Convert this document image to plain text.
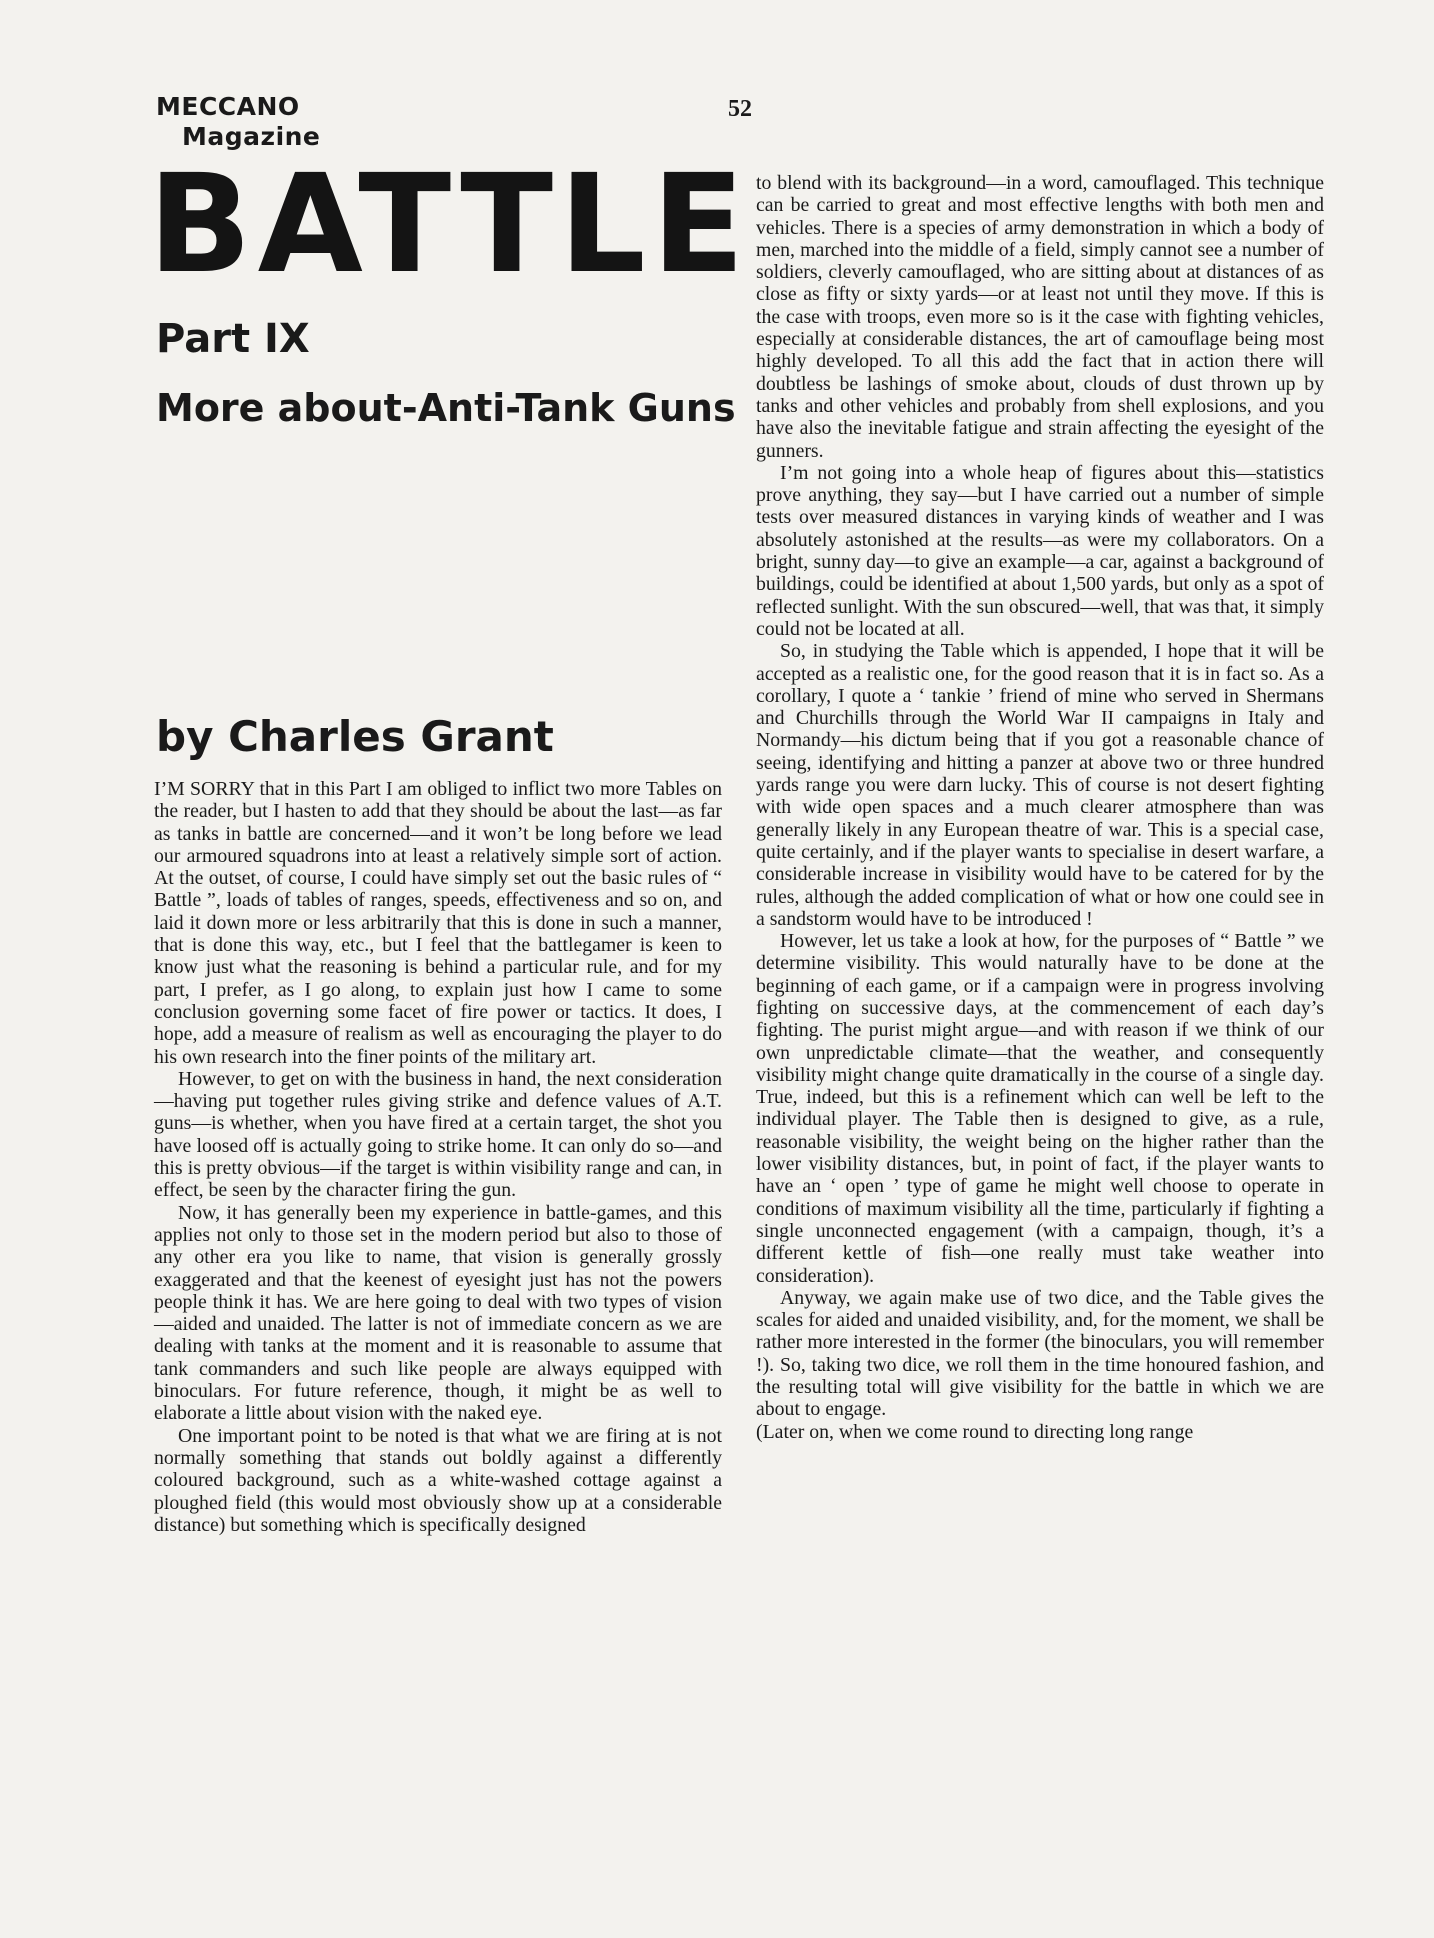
MECCANO
Magazine
52
BATTLE
Part IX
More about-Anti-Tank Guns
by Charles Grant

I’M SORRY that in this Part I am obliged to inflict two more Tables on the reader, but I hasten to add that they should be about the last—as far as tanks in battle are concerned—and it won’t be long before we lead our armoured squadrons into at least a relatively simple sort of action. At the outset, of course, I could have simply set out the basic rules of “ Battle ”, loads of tables of ranges, speeds, effectiveness and so on, and laid it down more or less arbitrarily that this is done in such a manner, that is done this way, etc., but I feel that the battlegamer is keen to know just what the reasoning is behind a particular rule, and for my part, I prefer, as I go along, to explain just how I came to some conclusion governing some facet of fire power or tactics. It does, I hope, add a measure of realism as well as encouraging the player to do his own research into the finer points of the military art.

However, to get on with the business in hand, the next consideration—having put together rules giving strike and defence values of A.T. guns—is whether, when you have fired at a certain target, the shot you have loosed off is actually going to strike home. It can only do so—and this is pretty obvious—if the target is within visibility range and can, in effect, be seen by the character firing the gun.

Now, it has generally been my experience in battle-games, and this applies not only to those set in the modern period but also to those of any other era you like to name, that vision is generally grossly exaggerated and that the keenest of eyesight just has not the powers people think it has. We are here going to deal with two types of vision—aided and unaided. The latter is not of immediate concern as we are dealing with tanks at the moment and it is reasonable to assume that tank commanders and such like people are always equipped with binoculars. For future reference, though, it might be as well to elaborate a little about vision with the naked eye.

One important point to be noted is that what we are firing at is not normally something that stands out boldly against a differently coloured background, such as a white-washed cottage against a ploughed field (this would most obviously show up at a considerable distance) but something which is specifically designed

to blend with its background—in a word, camouflaged. This technique can be carried to great and most effective lengths with both men and vehicles. There is a species of army demonstration in which a body of men, marched into the middle of a field, simply cannot see a number of soldiers, cleverly camouflaged, who are sitting about at distances of as close as fifty or sixty yards—or at least not until they move. If this is the case with troops, even more so is it the case with fighting vehicles, especially at considerable distances, the art of camouflage being most highly developed. To all this add the fact that in action there will doubtless be lashings of smoke about, clouds of dust thrown up by tanks and other vehicles and probably from shell explosions, and you have also the inevitable fatigue and strain affecting the eyesight of the gunners.

I’m not going into a whole heap of figures about this—statistics prove anything, they say—but I have carried out a number of simple tests over measured distances in varying kinds of weather and I was absolutely astonished at the results—as were my collaborators. On a bright, sunny day—to give an example—a car, against a background of buildings, could be identified at about 1,500 yards, but only as a spot of reflected sunlight. With the sun obscured—well, that was that, it simply could not be located at all.

So, in studying the Table which is appended, I hope that it will be accepted as a realistic one, for the good reason that it is in fact so. As a corollary, I quote a ‘ tankie ’ friend of mine who served in Shermans and Churchills through the World War II campaigns in Italy and Normandy—his dictum being that if you got a reasonable chance of seeing, identifying and hitting a panzer at above two or three hundred yards range you were darn lucky. This of course is not desert fighting with wide open spaces and a much clearer atmosphere than was generally likely in any European theatre of war. This is a special case, quite certainly, and if the player wants to specialise in desert warfare, a considerable increase in visibility would have to be catered for by the rules, although the added complication of what or how one could see in a sandstorm would have to be introduced !

However, let us take a look at how, for the purposes of “ Battle ” we determine visibility. This would naturally have to be done at the beginning of each game, or if a campaign were in progress involving fighting on successive days, at the commencement of each day’s fighting. The purist might argue—and with reason if we think of our own unpredictable climate—that the weather, and consequently visibility might change quite dramatically in the course of a single day. True, indeed, but this is a refinement which can well be left to the individual player. The Table then is designed to give, as a rule, reasonable visibility, the weight being on the higher rather than the lower visibility distances, but, in point of fact, if the player wants to have an ‘ open ’ type of game he might well choose to operate in conditions of maximum visibility all the time, particularly if fighting a single unconnected engagement (with a campaign, though, it’s a different kettle of fish—one really must take weather into consideration).

Anyway, we again make use of two dice, and the Table gives the scales for aided and unaided visibility, and, for the moment, we shall be rather more interested in the former (the binoculars, you will remember !). So, taking two dice, we roll them in the time honoured fashion, and the resulting total will give visibility for the battle in which we are about to engage.

(Later on, when we come round to directing long range
